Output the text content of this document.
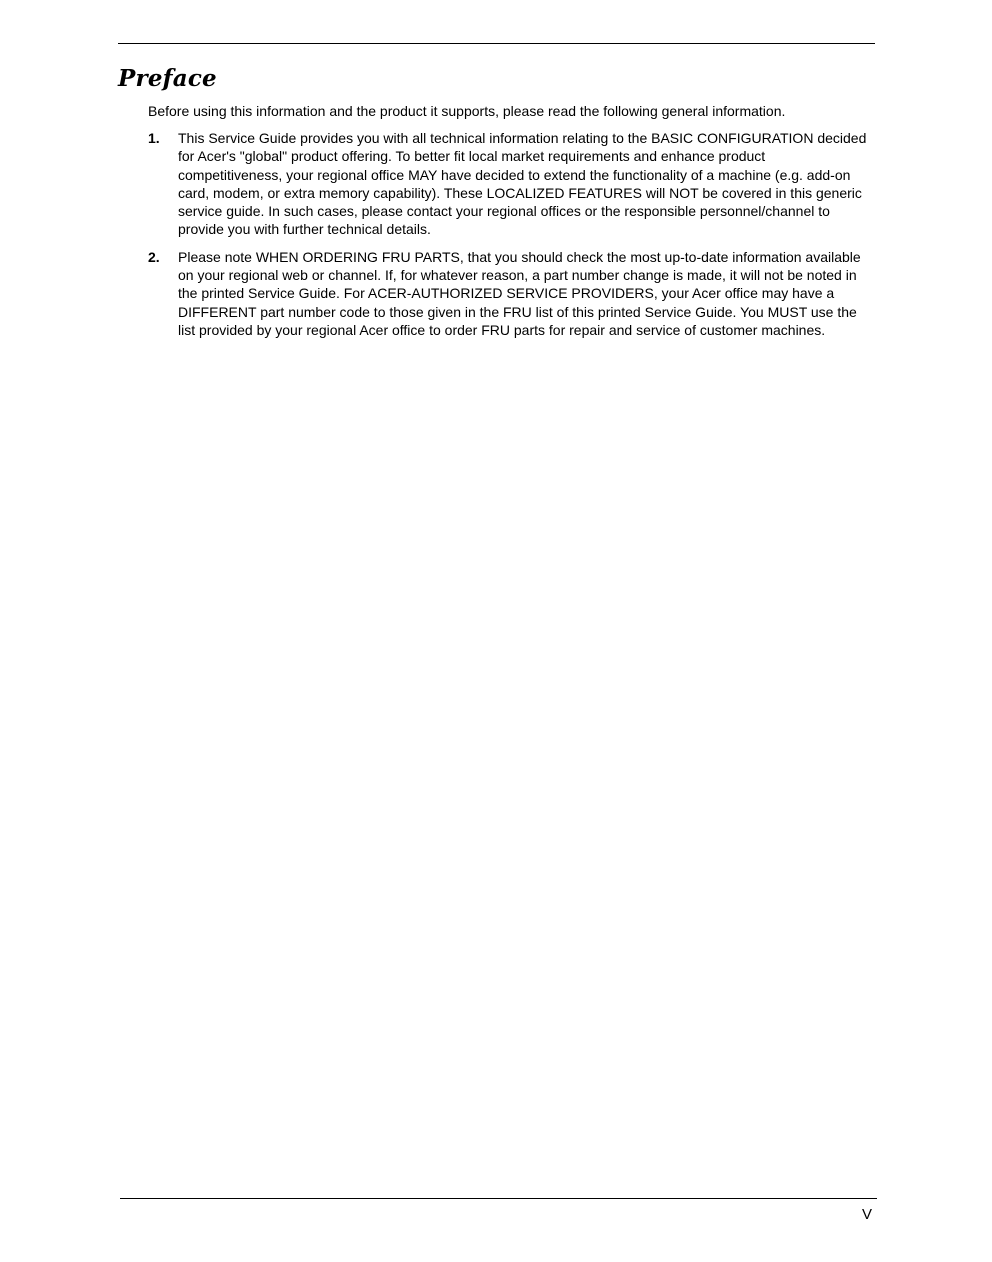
Preface

Before using this information and the product it supports, please read the following general information.

1. This Service Guide provides you with all technical information relating to the BASIC CONFIGURATION decided for Acer's "global" product offering. To better fit local market requirements and enhance product competitiveness, your regional office MAY have decided to extend the functionality of a machine (e.g. add-on card, modem, or extra memory capability). These LOCALIZED FEATURES will NOT be covered in this generic service guide. In such cases, please contact your regional offices or the responsible personnel/channel to provide you with further technical details.
2. Please note WHEN ORDERING FRU PARTS, that you should check the most up-to-date information available on your regional web or channel. If, for whatever reason, a part number change is made, it will not be noted in the printed Service Guide. For ACER-AUTHORIZED SERVICE PROVIDERS, your Acer office may have a DIFFERENT part number code to those given in the FRU list of this printed Service Guide. You MUST use the list provided by your regional Acer office to order FRU parts for repair and service of customer machines.
V
